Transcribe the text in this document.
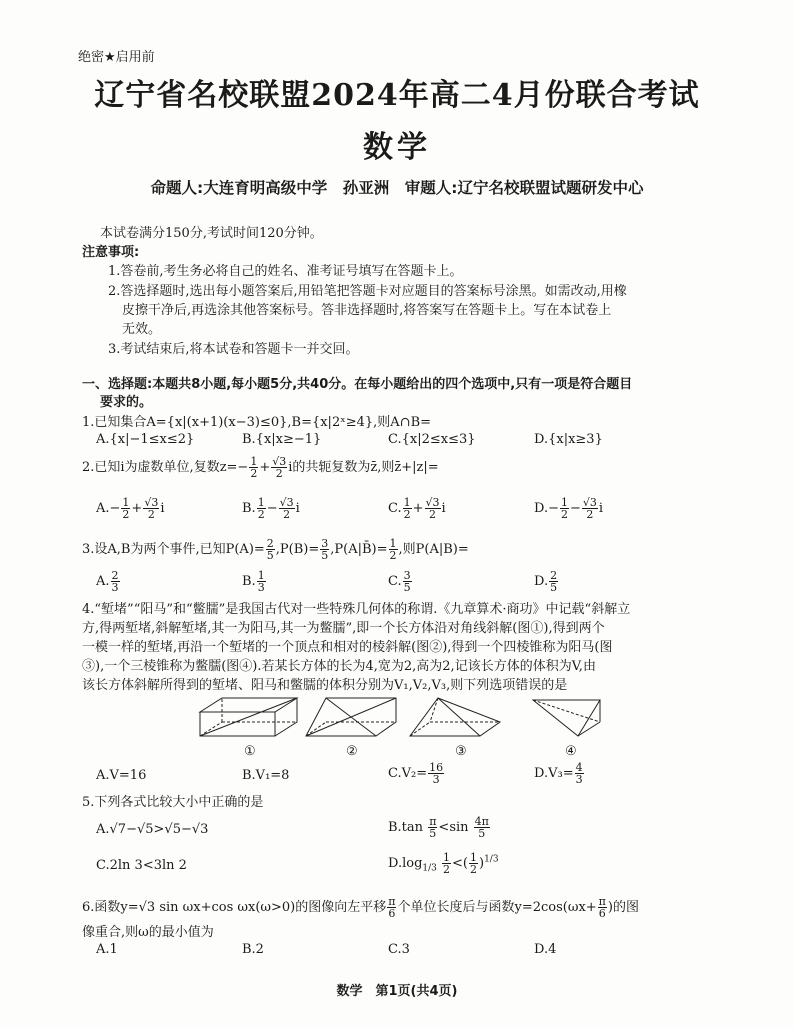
绝密★启用前
辽宁省名校联盟2024年高二4月份联合考试
数学
命题人:大连育明高级中学　孙亚洲　审题人:辽宁名校联盟试题研发中心
本试卷满分150分,考试时间120分钟。
注意事项:
1.答卷前,考生务必将自己的姓名、准考证号填写在答题卡上。
2.答选择题时,选出每小题答案后,用铅笔把答题卡对应题目的答案标号涂黑。如需改动,用橡
皮擦干净后,再选涂其他答案标号。答非选择题时,将答案写在答题卡上。写在本试卷上
无效。
3.考试结束后,将本试卷和答题卡一并交回。
一、选择题:本题共8小题,每小题5分,共40分。在每小题给出的四个选项中,只有一项是符合题目
要求的。
1.已知集合A={x|(x+1)(x−3)≤0},B={x|2ˣ≥4},则A∩B=
A.{x|−1≤x≤2}	B.{x|x≥−1}	C.{x|2≤x≤3}	D.{x|x≥3}
2.已知i为虚数单位,复数$z=- \frac{1}{2} + \frac{√3}{2}$ i的共轭复数为z̄,则z̄+|z|=
$A.- \frac{1}{2} + \frac{√3}{2}$ i	B. $\frac{1}{2} - \frac{√3}{2}$ i	C. $\frac{1}{2} + \frac{√3}{2}$ i	$D.- \frac{1}{2} - \frac{√3}{2}$ i
3.设A,B为两个事件,已知$P(A)= \frac{2}{5} ,P(B)= \frac{3}{5}$ ,P(A|B̄)= $\frac{1}{2}$ ,则P(A|B)=
A. $\frac{2}{3}$	B. $\frac{1}{3}$	C. $\frac{3}{5}$	D. $\frac{2}{5}$
4.“堑堵”“阳马”和“鳖臑”是我国古代对一些特殊几何体的称谓.《九章算术·商功》中记载“斜解立
方,得两堑堵,斜解堑堵,其一为阳马,其一为鳖臑”,即一个长方体沿对角线斜解(图①),得到两个
一模一样的堑堵,再沿一个堑堵的一个顶点和相对的棱斜解(图②),得到一个四棱锥称为阳马(图
③),一个三棱锥称为鳖臑(图④).若某长方体的长为4,宽为2,高为2,记该长方体的体积为V,由
该长方体斜解所得到的堑堵、阳马和鳖臑的体积分别为V₁,V₂,V₃,则下列选项错误的是
①	②	③	④
A.V=16	B.V₁=8	$C.V_2= \frac{16}{3}$	$D.V_3= \frac{4}{3}$
5.下列各式比较大小中正确的是
A.√7−√5>√5−√3	$B.\tan \frac{\pi}{5} <\sin \frac{4\pi}{5}$
C.2ln 3<3ln 2	$D.\log_{1/3} \frac{1}{2}$ <( $\frac{1}{2} )^{1/3}$
6.函数y=√3 sin ωx+cos ωx(ω>0)的图像向左平移 $\frac{\pi}{6}$ 个单位长度后与函数$y=2\cos(\omega x+ \frac{\pi}{6}$ )的图
像重合,则ω的最小值为
A.1	B.2	C.3	D.4
数学　第1页(共4页)
